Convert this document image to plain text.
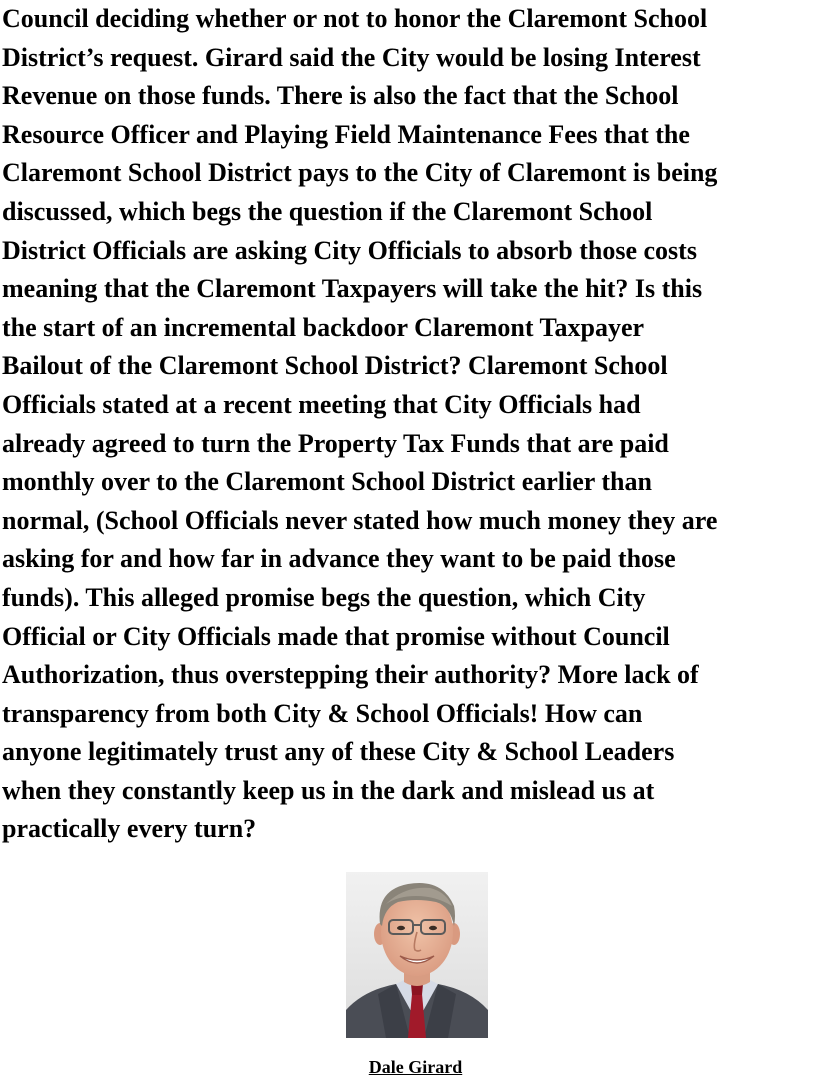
Council deciding whether or not to honor the Claremont School
District’s request. Girard said the City would be losing Interest
Revenue on those funds. There is also the fact that the School
Resource Officer and Playing Field Maintenance Fees that the
Claremont School District pays to the City of Claremont is being
discussed, which begs the question if the Claremont School
District Officials are asking City Officials to absorb those costs
meaning that the Claremont Taxpayers will take the hit? Is this
the start of an incremental backdoor Claremont Taxpayer
Bailout of the Claremont School District? Claremont School
Officials stated at a recent meeting that City Officials had
already agreed to turn the Property Tax Funds that are paid
monthly over to the Claremont School District earlier than
normal, (School Officials never stated how much money they are
asking for and how far in advance they want to be paid those
funds). This alleged promise begs the question, which City
Official or City Officials made that promise without Council
Authorization, thus overstepping their authority? More lack of
transparency from both City & School Officials! How can
anyone legitimately trust any of these City & School Leaders
when they constantly keep us in the dark and mislead us at
practically every turn?
Dale Girard
